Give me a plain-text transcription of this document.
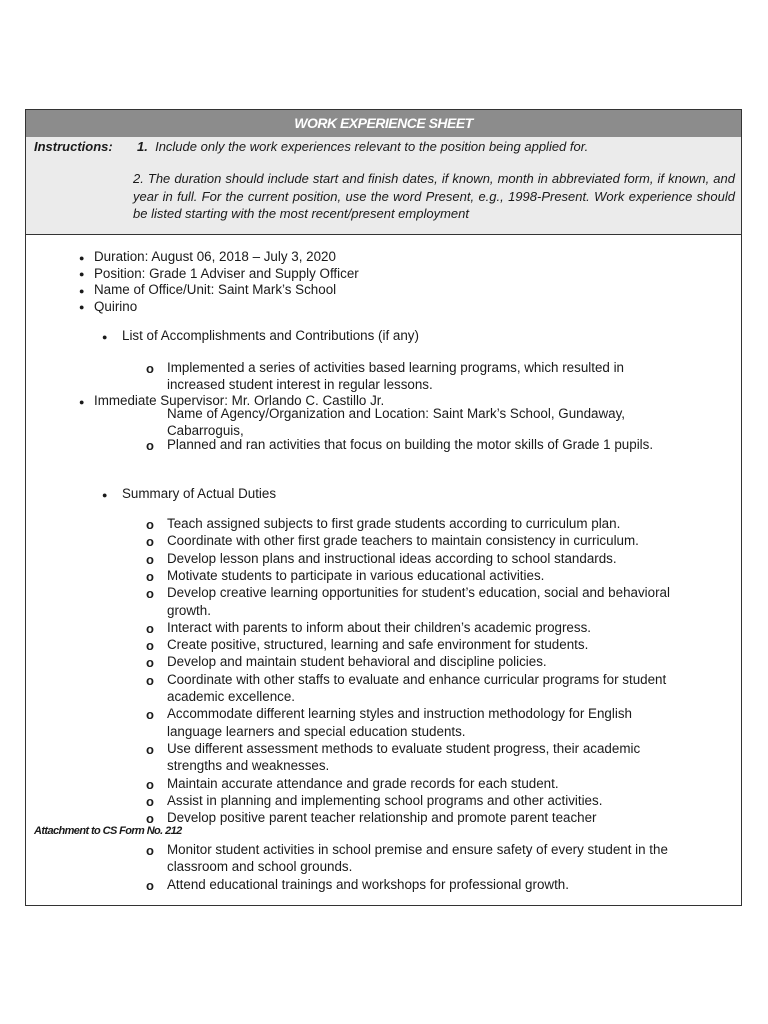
WORK EXPERIENCE SHEET
Instructions: 1. Include only the work experiences relevant to the position being applied for.
2. The duration should include start and finish dates, if known, month in abbreviated form, if known, and year in full. For the current position, use the word Present, e.g., 1998-Present. Work experience should be listed starting with the most recent/present employment
● Duration: August 06, 2018 – July 3, 2020
● Position: Grade 1 Adviser and Supply Officer
● Name of Office/Unit: Saint Mark’s School
● Quirino
● List of Accomplishments and Contributions (if any)
o Implemented a series of activities based learning programs, which resulted in
increased student interest in regular lessons.
● Immediate Supervisor: Mr. Orlando C. Castillo Jr.
Name of Agency/Organization and Location: Saint Mark’s School, Gundaway,
Cabarroguis,
o Planned and ran activities that focus on building the motor skills of Grade 1 pupils.
● Summary of Actual Duties
o Teach assigned subjects to first grade students according to curriculum plan.
o Coordinate with other first grade teachers to maintain consistency in curriculum.
o Develop lesson plans and instructional ideas according to school standards.
o Motivate students to participate in various educational activities.
o Develop creative learning opportunities for student’s education, social and behavioral
growth.
o Interact with parents to inform about their children’s academic progress.
o Create positive, structured, learning and safe environment for students.
o Develop and maintain student behavioral and discipline policies.
o Coordinate with other staffs to evaluate and enhance curricular programs for student
academic excellence.
o Accommodate different learning styles and instruction methodology for English
language learners and special education students.
o Use different assessment methods to evaluate student progress, their academic
strengths and weaknesses.
o Maintain accurate attendance and grade records for each student.
o Assist in planning and implementing school programs and other activities.
o Develop positive parent teacher relationship and promote parent teacher
o Monitor student activities in school premise and ensure safety of every student in the
classroom and school grounds.
o Attend educational trainings and workshops for professional growth.
Attachment to CS Form No. 212
